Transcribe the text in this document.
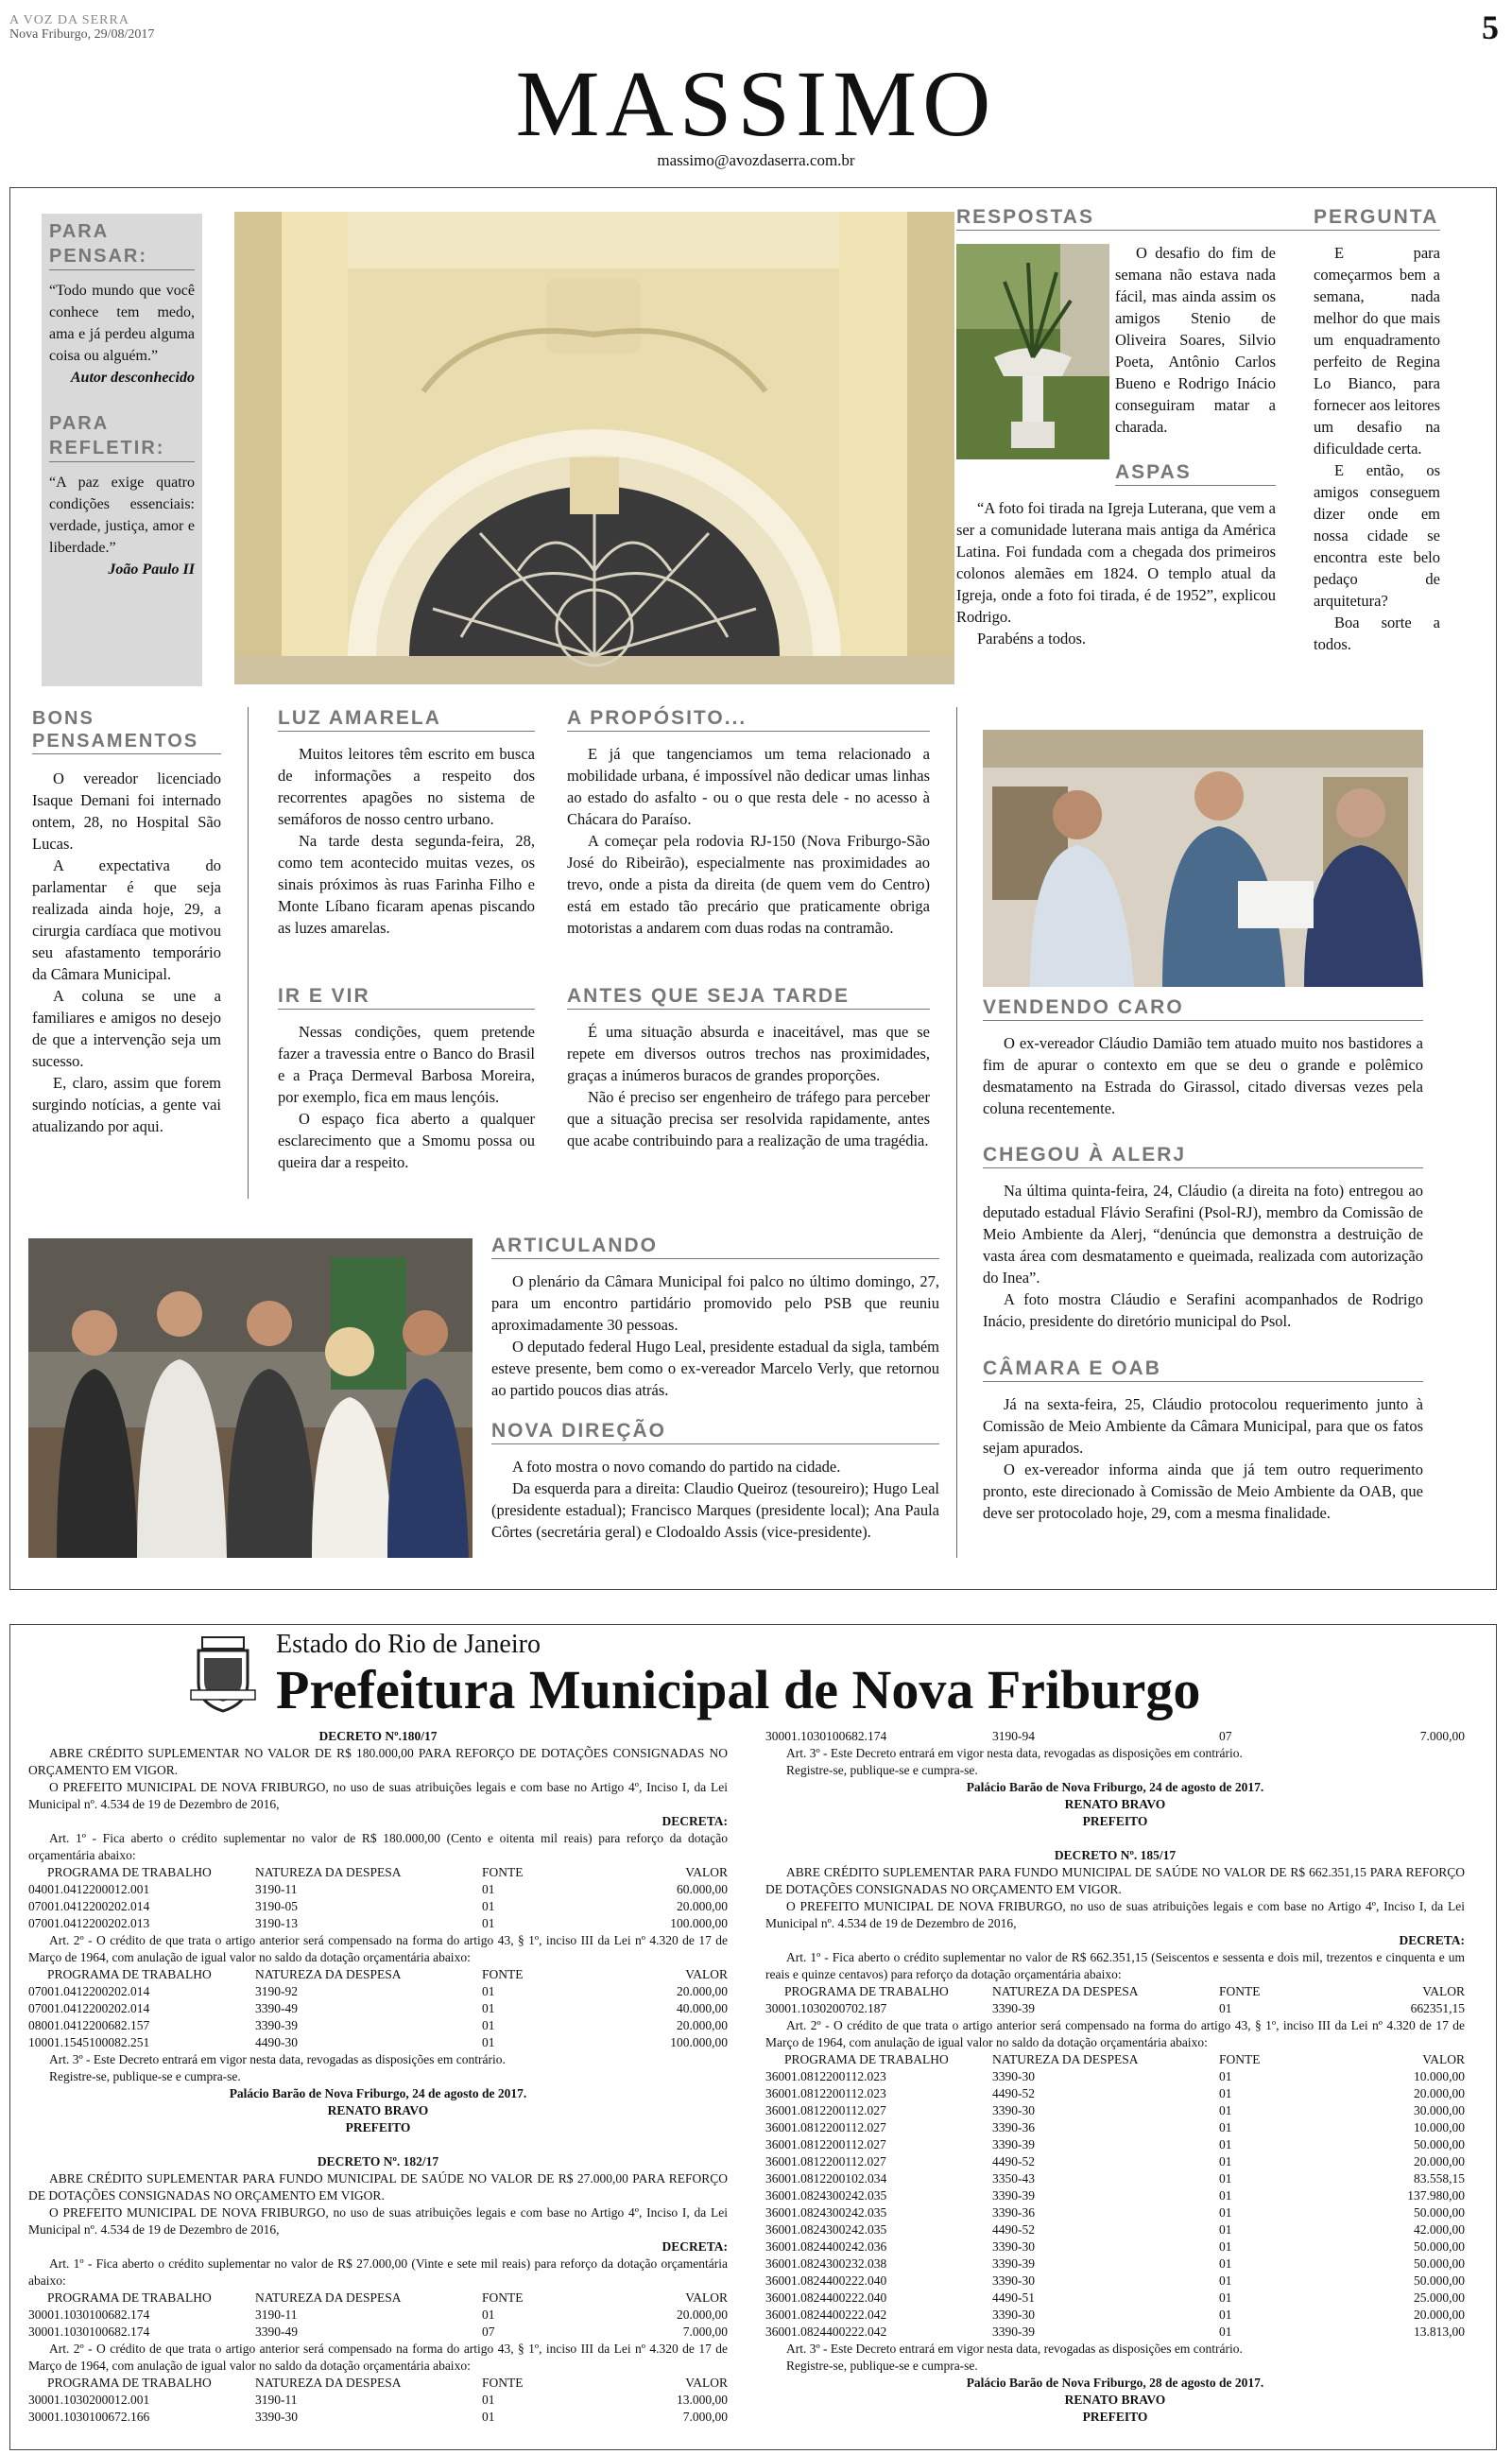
A VOZ DA SERRA
Nova Friburgo, 29/08/2017	5
MASSIMO
massimo@avozdaserra.com.br
PARA PENSAR:
“Todo mundo que você conhece tem medo, ama e já perdeu alguma coisa ou alguém.”
Autor desconhecido
PARA REFLETIR:
“A paz exige quatro condições essenciais: verdade, justiça, amor e liberdade.”
João Paulo II
RESPOSTAS

O desafio do fim de semana não estava nada fácil, mas ainda assim os amigos Stenio de Oliveira Soares, Silvio Poeta, Antônio Carlos Bueno e Rodrigo Inácio conseguiram matar a charada.

ASPAS

“A foto foi tirada na Igreja Luterana, que vem a ser a comunidade luterana mais antiga da América Latina. Foi fundada com a chegada dos primeiros colonos alemães em 1824. O templo atual da Igreja, onde a foto foi tirada, é de 1952”, explicou Rodrigo.

Parabéns a todos.

PERGUNTA

E para começarmos bem a semana, nada melhor do que mais um enquadramento perfeito de Regina Lo Bianco, para fornecer aos leitores um desafio na dificuldade certa.

E então, os amigos conseguem dizer onde em nossa cidade se encontra este belo pedaço de arquitetura?

Boa sorte a todos.

BONS PENSAMENTOS

O vereador licenciado Isaque Demani foi internado ontem, 28, no Hospital São Lucas.

A expectativa do parlamentar é que seja realizada ainda hoje, 29, a cirurgia cardíaca que motivou seu afastamento temporário da Câmara Municipal.

A coluna se une a familiares e amigos no desejo de que a intervenção seja um sucesso.

E, claro, assim que forem surgindo notícias, a gente vai atualizando por aqui.

LUZ AMARELA

Muitos leitores têm escrito em busca de informações a respeito dos recorrentes apagões no sistema de semáforos de nosso centro urbano.

Na tarde desta segunda-feira, 28, como tem acontecido muitas vezes, os sinais próximos às ruas Farinha Filho e Monte Líbano ficaram apenas piscando as luzes amarelas.

IR E VIR

Nessas condições, quem pretende fazer a travessia entre o Banco do Brasil e a Praça Dermeval Barbosa Moreira, por exemplo, fica em maus lençóis.

O espaço fica aberto a qualquer esclarecimento que a Smomu possa ou queira dar a respeito.

A PROPÓSITO...

E já que tangenciamos um tema relacionado a mobilidade urbana, é impossível não dedicar umas linhas ao estado do asfalto - ou o que resta dele - no acesso à Chácara do Paraíso.

A começar pela rodovia RJ-150 (Nova Friburgo-São José do Ribeirão), especialmente nas proximidades ao trevo, onde a pista da direita (de quem vem do Centro) está em estado tão precário que praticamente obriga motoristas a andarem com duas rodas na contramão.

ANTES QUE SEJA TARDE

É uma situação absurda e inaceitável, mas que se repete em diversos outros trechos nas proximidades, graças a inúmeros buracos de grandes proporções.

Não é preciso ser engenheiro de tráfego para perceber que a situação precisa ser resolvida rapidamente, antes que acabe contribuindo para a realização de uma tragédia.

VENDENDO CARO

O ex-vereador Cláudio Damião tem atuado muito nos bastidores a fim de apurar o contexto em que se deu o grande e polêmico desmatamento na Estrada do Girassol, citado diversas vezes pela coluna recentemente.

CHEGOU À ALERJ

Na última quinta-feira, 24, Cláudio (a direita na foto) entregou ao deputado estadual Flávio Serafini (Psol-RJ), membro da Comissão de Meio Ambiente da Alerj, “denúncia que demonstra a destruição de vasta área com desmatamento e queimada, realizada com autorização do Inea”.

A foto mostra Cláudio e Serafini acompanhados de Rodrigo Inácio, presidente do diretório municipal do Psol.

CÂMARA E OAB

Já na sexta-feira, 25, Cláudio protocolou requerimento junto à Comissão de Meio Ambiente da Câmara Municipal, para que os fatos sejam apurados.

O ex-vereador informa ainda que já tem outro requerimento pronto, este direcionado à Comissão de Meio Ambiente da OAB, que deve ser protocolado hoje, 29, com a mesma finalidade.

ARTICULANDO

O plenário da Câmara Municipal foi palco no último domingo, 27, para um encontro partidário promovido pelo PSB que reuniu aproximadamente 30 pessoas.

O deputado federal Hugo Leal, presidente estadual da sigla, também esteve presente, bem como o ex-vereador Marcelo Verly, que retornou ao partido poucos dias atrás.

NOVA DIREÇÃO

A foto mostra o novo comando do partido na cidade.

Da esquerda para a direita: Claudio Queiroz (tesoureiro); Hugo Leal (presidente estadual); Francisco Marques (presidente local); Ana Paula Côrtes (secretária geral) e Clodoaldo Assis (vice-presidente).

Estado do Rio de Janeiro
Prefeitura Municipal de Nova Friburgo
DECRETO Nº.180/17

ABRE CRÉDITO SUPLEMENTAR NO VALOR DE R$ 180.000,00 PARA REFORÇO DE DOTAÇÕES CONSIGNADAS NO ORÇAMENTO EM VIGOR.

O PREFEITO MUNICIPAL DE NOVA FRIBURGO, no uso de suas atribuições legais e com base no Artigo 4º, Inciso I, da Lei Municipal nº. 4.534 de 19 de Dezembro de 2016,

DECRETA:

Art. 1º - Fica aberto o crédito suplementar no valor de R$ 180.000,00 (Cento e oitenta mil reais) para reforço da dotação orçamentária abaixo:

PROGRAMA DE TRABALHO	NATUREZA DA DESPESA	FONTE	VALOR
04001.0412200012.001	3190-11	01	60.000,00
07001.0412200202.014	3190-05	01	20.000,00
07001.0412200202.013	3190-13	01	100.000,00

Art. 2º - O crédito de que trata o artigo anterior será compensado na forma do artigo 43, § 1º, inciso III da Lei nº 4.320 de 17 de Março de 1964, com anulação de igual valor no saldo da dotação orçamentária abaixo:

PROGRAMA DE TRABALHO	NATUREZA DA DESPESA	FONTE	VALOR
07001.0412200202.014	3190-92	01	20.000,00
07001.0412200202.014	3390-49	01	40.000,00
08001.0412200682.157	3390-39	01	20.000,00
10001.1545100082.251	4490-30	01	100.000,00

Art. 3º - Este Decreto entrará em vigor nesta data, revogadas as disposições em contrário.

Registre-se, publique-se e cumpra-se.

Palácio Barão de Nova Friburgo, 24 de agosto de 2017.
RENATO BRAVO
PREFEITO
DECRETO Nº. 182/17

ABRE CRÉDITO SUPLEMENTAR PARA FUNDO MUNICIPAL DE SAÚDE NO VALOR DE R$ 27.000,00 PARA REFORÇO DE DOTAÇÕES CONSIGNADAS NO ORÇAMENTO EM VIGOR.

O PREFEITO MUNICIPAL DE NOVA FRIBURGO, no uso de suas atribuições legais e com base no Artigo 4º, Inciso I, da Lei Municipal nº. 4.534 de 19 de Dezembro de 2016,

DECRETA:

Art. 1º - Fica aberto o crédito suplementar no valor de R$ 27.000,00 (Vinte e sete mil reais) para reforço da dotação orçamentária abaixo:

PROGRAMA DE TRABALHO	NATUREZA DA DESPESA	FONTE	VALOR
30001.1030100682.174	3190-11	01	20.000,00
30001.1030100682.174	3390-49	07	7.000,00

Art. 2º - O crédito de que trata o artigo anterior será compensado na forma do artigo 43, § 1º, inciso III da Lei nº 4.320 de 17 de Março de 1964, com anulação de igual valor no saldo da dotação orçamentária abaixo:

PROGRAMA DE TRABALHO	NATUREZA DA DESPESA	FONTE	VALOR
30001.1030200012.001	3190-11	01	13.000,00
30001.1030100672.166	3390-30	01	7.000,00
30001.1030100682.174	3190-94	07	7.000,00

Art. 3º - Este Decreto entrará em vigor nesta data, revogadas as disposições em contrário.

Registre-se, publique-se e cumpra-se.

Palácio Barão de Nova Friburgo, 24 de agosto de 2017.
RENATO BRAVO
PREFEITO
DECRETO Nº. 185/17

ABRE CRÉDITO SUPLEMENTAR PARA FUNDO MUNICIPAL DE SAÚDE NO VALOR DE R$ 662.351,15 PARA REFORÇO DE DOTAÇÕES CONSIGNADAS NO ORÇAMENTO EM VIGOR.

O PREFEITO MUNICIPAL DE NOVA FRIBURGO, no uso de suas atribuições legais e com base no Artigo 4º, Inciso I, da Lei Municipal nº. 4.534 de 19 de Dezembro de 2016,

DECRETA:

Art. 1º - Fica aberto o crédito suplementar no valor de R$ 662.351,15 (Seiscentos e sessenta e dois mil, trezentos e cinquenta e um reais e quinze centavos) para reforço da dotação orçamentária abaixo:

PROGRAMA DE TRABALHO	NATUREZA DA DESPESA	FONTE	VALOR
30001.1030200702.187	3390-39	01	662351,15

Art. 2º - O crédito de que trata o artigo anterior será compensado na forma do artigo 43, § 1º, inciso III da Lei nº 4.320 de 17 de Março de 1964, com anulação de igual valor no saldo da dotação orçamentária abaixo:

PROGRAMA DE TRABALHO	NATUREZA DA DESPESA	FONTE	VALOR
36001.0812200112.023	3390-30	01	10.000,00
36001.0812200112.023	4490-52	01	20.000,00
36001.0812200112.027	3390-30	01	30.000,00
36001.0812200112.027	3390-36	01	10.000,00
36001.0812200112.027	3390-39	01	50.000,00
36001.0812200112.027	4490-52	01	20.000,00
36001.0812200102.034	3350-43	01	83.558,15
36001.0824300242.035	3390-39	01	137.980,00
36001.0824300242.035	3390-36	01	50.000,00
36001.0824300242.035	4490-52	01	42.000,00
36001.0824400242.036	3390-30	01	50.000,00
36001.0824300232.038	3390-39	01	50.000,00
36001.0824400222.040	3390-30	01	50.000,00
36001.0824400222.040	4490-51	01	25.000,00
36001.0824400222.042	3390-30	01	20.000,00
36001.0824400222.042	3390-39	01	13.813,00

Art. 3º - Este Decreto entrará em vigor nesta data, revogadas as disposições em contrário.

Registre-se, publique-se e cumpra-se.

Palácio Barão de Nova Friburgo, 28 de agosto de 2017.
RENATO BRAVO
PREFEITO
